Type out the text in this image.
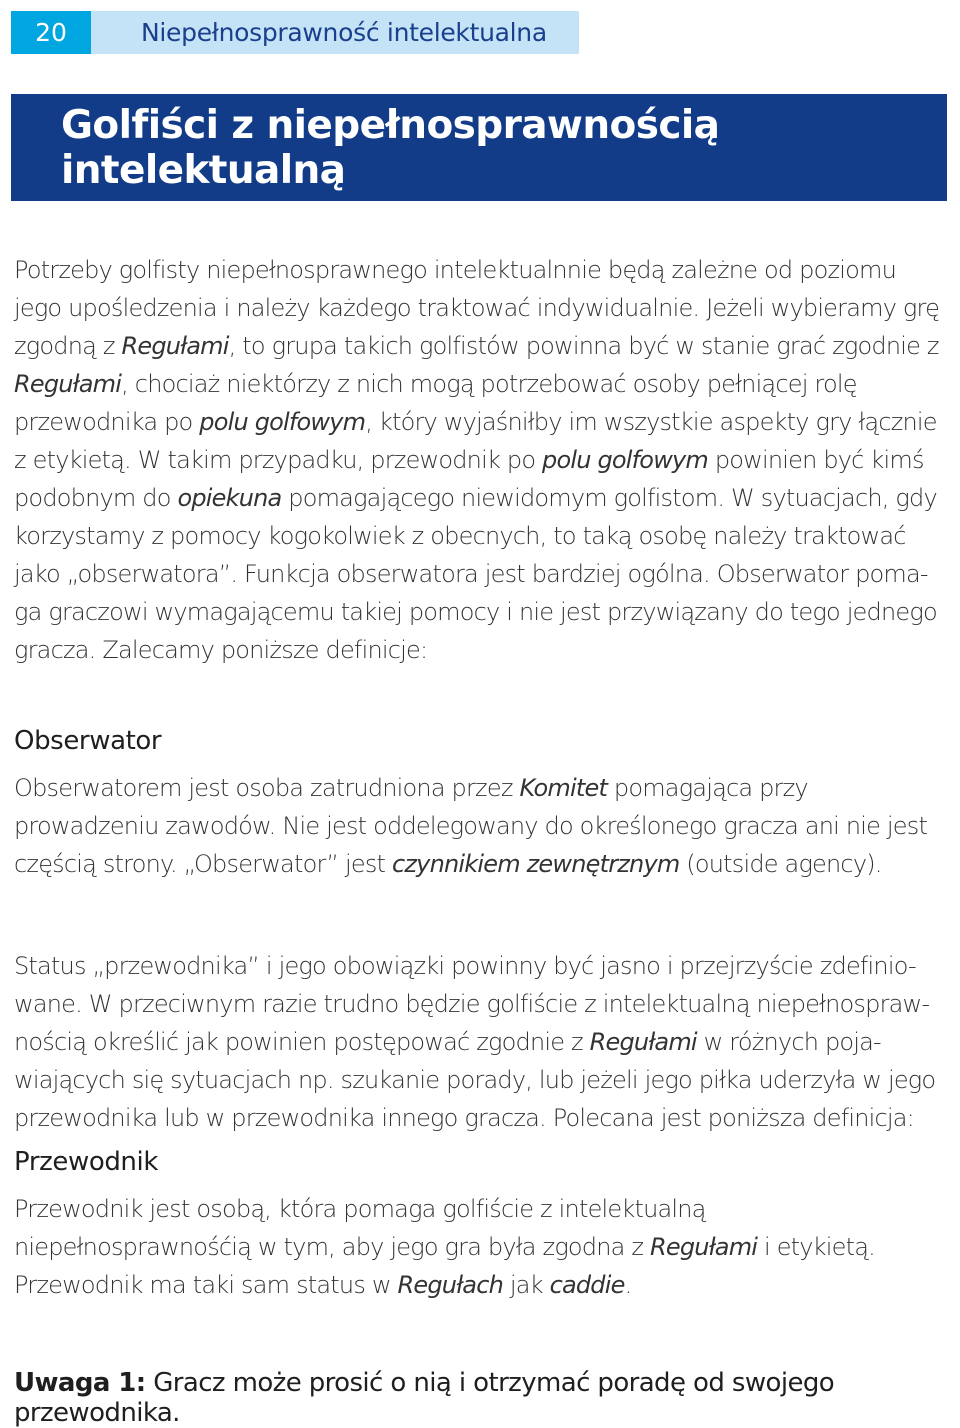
20	Niepełnosprawność intelektualna
Golfiści z niepełnosprawnością intelektualną

Potrzeby golfisty niepełnosprawnego intelektualnnie będą zależne od poziomu jego upośledzenia i należy każdego traktować indywidualnie. Jeżeli wybieramy grę zgodną z Regułami, to grupa takich golfistów powinna być w stanie grać zgodnie z Regułami, chociaż niektórzy z nich mogą potrzebować osoby pełniącej rolę przewodnika po polu golfowym, który wyjaśniłby im wszystkie aspekty gry łącznie z etykietą. W takim przypadku, przewodnik po polu golfowym powinien być kimś podobnym do opiekuna pomagającego niewidomym golfistom. W sytuacjach, gdy korzystamy z pomocy kogokolwiek z obecnych, to taką osobę należy traktować jako „obserwatora”. Funkcja obserwatora jest bardziej ogólna. Obserwator poma-ga graczowi wymagającemu takiej pomocy i nie jest przywiązany do tego jednego gracza. Zalecamy poniższe definicje:

Obserwator

Obserwatorem jest osoba zatrudniona przez Komitet pomagająca przy prowadzeniu zawodów. Nie jest oddelegowany do określonego gracza ani nie jest częścią strony. „Obserwator” jest czynnikiem zewnętrznym (outside agency).

Status „przewodnika” i jego obowiązki powinny być jasno i przejrzyście zdefinio-wane. W przeciwnym razie trudno będzie golfiście z intelektualną niepełnospraw-nością określić jak powinien postępować zgodnie z Regułami w różnych poja-wiających się sytuacjach np. szukanie porady, lub jeżeli jego piłka uderzyła w jego przewodnika lub w przewodnika innego gracza. Polecana jest poniższa definicja:

Przewodnik

Przewodnik jest osobą, która pomaga golfiście z intelektualną niepełnosprawnośćią w tym, aby jego gra była zgodna z Regułami i etykietą. Przewodnik ma taki sam status w Regułach jak caddie.

Uwaga 1: Gracz może prosić o nią i otrzymać poradę od swojego przewodnika.
